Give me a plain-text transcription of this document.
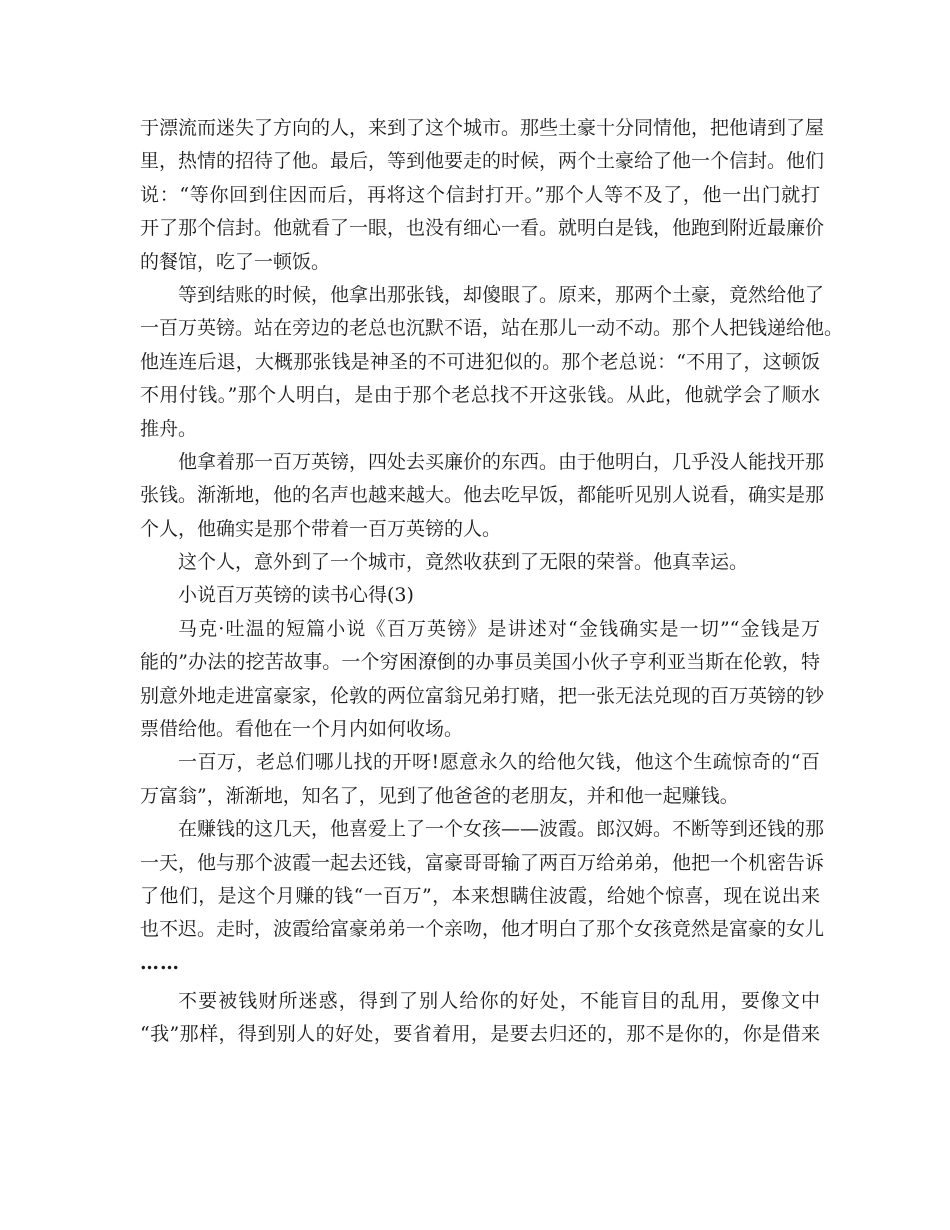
于漂流而迷失了方向的人，来到了这个城市。那些土豪十分同情他，把他请到了屋
里，热情的招待了他。最后，等到他要走的时候，两个土豪给了他一个信封。他们
说：“等你回到住因而后，再将这个信封打开。”那个人等不及了，他一出门就打
开了那个信封。他就看了一眼，也没有细心一看。就明白是钱，他跑到附近最廉价
的餐馆，吃了一顿饭。
等到结账的时候，他拿出那张钱，却傻眼了。原来，那两个土豪，竟然给他了
一百万英镑。站在旁边的老总也沉默不语，站在那儿一动不动。那个人把钱递给他。
他连连后退，大概那张钱是神圣的不可进犯似的。那个老总说：“不用了，这顿饭
不用付钱。”那个人明白，是由于那个老总找不开这张钱。从此，他就学会了顺水
推舟。
他拿着那一百万英镑，四处去买廉价的东西。由于他明白，几乎没人能找开那
张钱。渐渐地，他的名声也越来越大。他去吃早饭，都能听见别人说看，确实是那
个人，他确实是那个带着一百万英镑的人。
这个人，意外到了一个城市，竟然收获到了无限的荣誉。他真幸运。
小说百万英镑的读书心得(3)
马克·吐温的短篇小说《百万英镑》是讲述对“金钱确实是一切”“金钱是万
能的”办法的挖苦故事。一个穷困潦倒的办事员美国小伙子亨利亚当斯在伦敦，特
别意外地走进富豪家，伦敦的两位富翁兄弟打赌，把一张无法兑现的百万英镑的钞
票借给他。看他在一个月内如何收场。
一百万，老总们哪儿找的开呀!愿意永久的给他欠钱，他这个生疏惊奇的“百
万富翁”，渐渐地，知名了，见到了他爸爸的老朋友，并和他一起赚钱。
在赚钱的这几天，他喜爱上了一个女孩——波霞。郎汉姆。不断等到还钱的那
一天，他与那个波霞一起去还钱，富豪哥哥输了两百万给弟弟，他把一个机密告诉
了他们，是这个月赚的钱“一百万”，本来想瞒住波霞，给她个惊喜，现在说出来
也不迟。走时，波霞给富豪弟弟一个亲吻，他才明白了那个女孩竟然是富豪的女儿
……
不要被钱财所迷惑，得到了别人给你的好处，不能盲目的乱用，要像文中
“我”那样，得到别人的好处，要省着用，是要去归还的，那不是你的，你是借来
